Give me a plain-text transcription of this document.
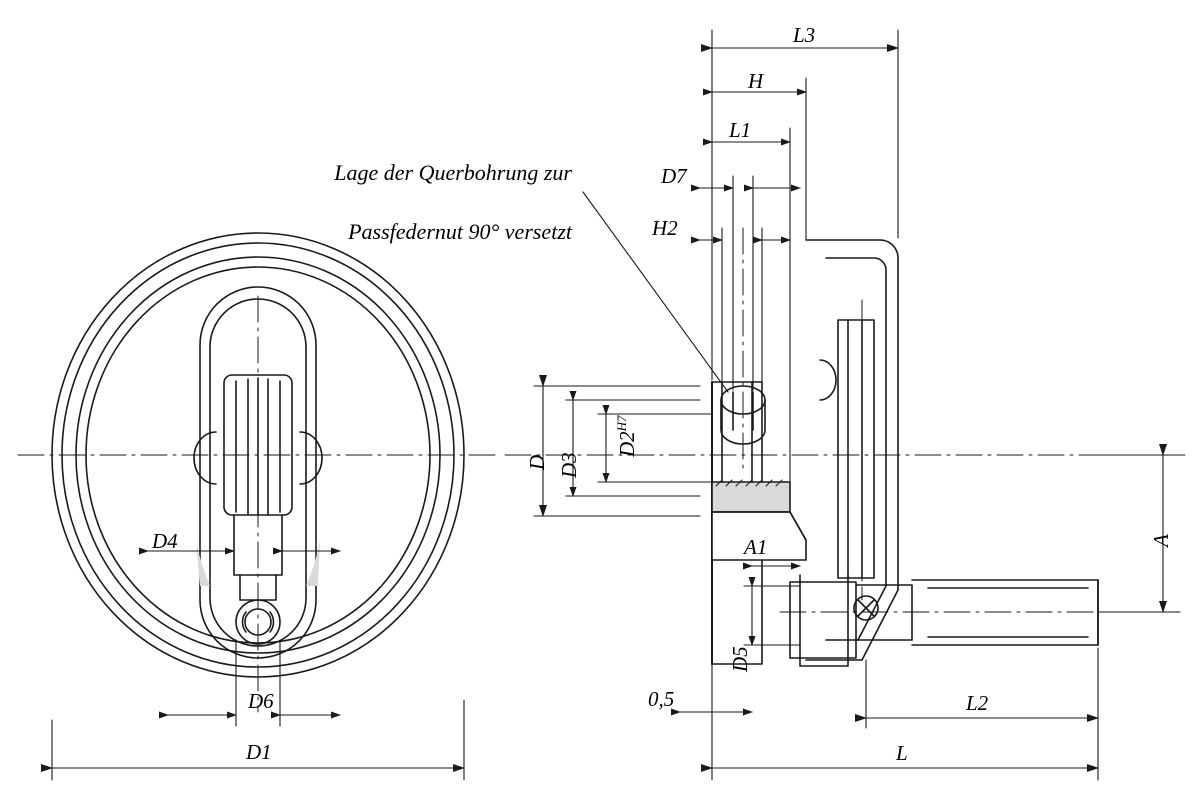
Lage der Querbohrung zur

Passfedernut 90° versetzt

D1
D4
D6
L3
H
L1
D7
H2
D D3

$D2^{H7}$

A
A1
D5
L2
L
0,5
